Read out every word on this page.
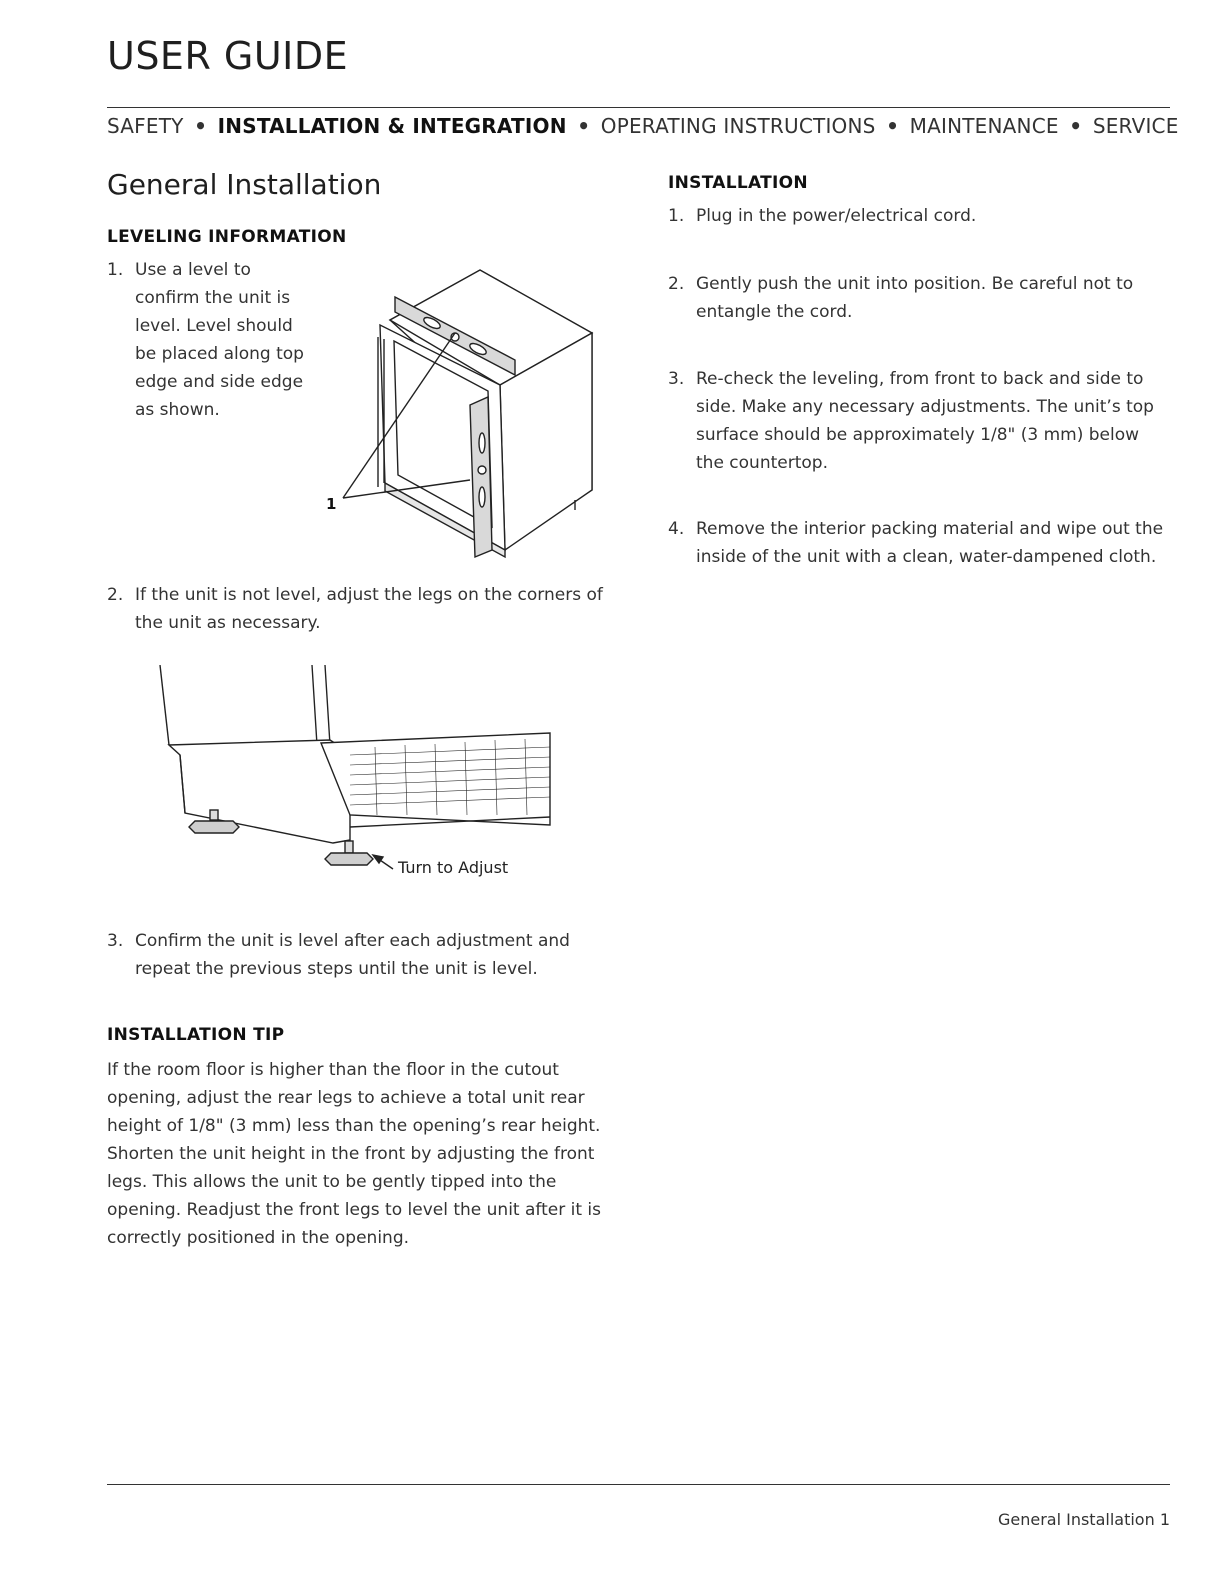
USER GUIDE
SAFETY • INSTALLATION & INTEGRATION • OPERATING INSTRUCTIONS • MAINTENANCE • SERVICE
General Installation
LEVELING INFORMATION
1. Use a level to
confirm the unit is
level. Level should
be placed along top
edge and side edge
as shown.
1
2. If the unit is not level, adjust the legs on the corners of
the unit as necessary.
Turn to Adjust
3. Confirm the unit is level after each adjustment and
repeat the previous steps until the unit is level.
INSTALLATION TIP
If the room floor is higher than the floor in the cutout
opening, adjust the rear legs to achieve a total unit rear
height of 1/8" (3 mm) less than the opening’s rear height.
Shorten the unit height in the front by adjusting the front
legs. This allows the unit to be gently tipped into the
opening. Readjust the front legs to level the unit after it is
correctly positioned in the opening.
INSTALLATION
1. Plug in the power/electrical cord.
2. Gently push the unit into position. Be careful not to
entangle the cord.
3. Re-check the leveling, from front to back and side to
side. Make any necessary adjustments. The unit’s top
surface should be approximately 1/8" (3 mm) below
the countertop.
4. Remove the interior packing material and wipe out the
inside of the unit with a clean, water-dampened cloth.
General Installation 1
